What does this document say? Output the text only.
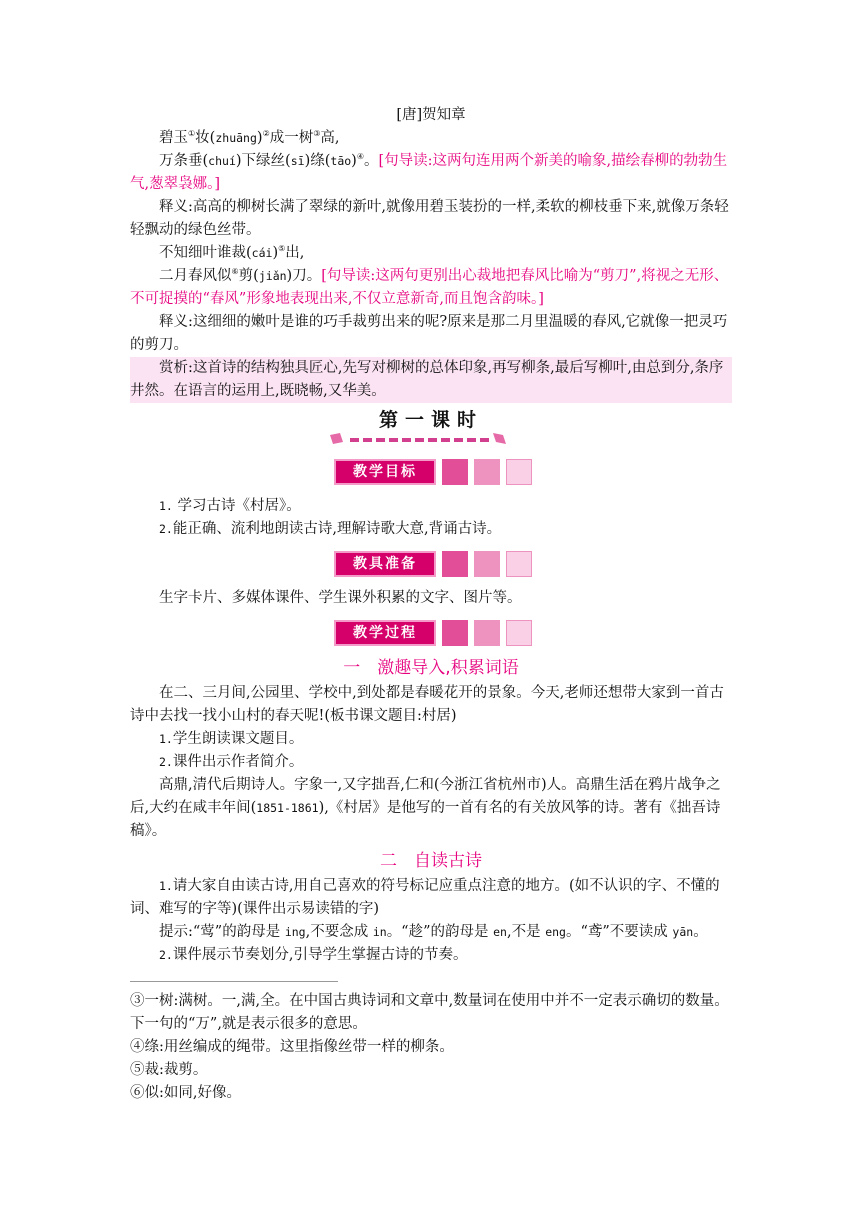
[唐]贺知章

碧玉①妆(zhuāng)②成一树③高,

万条垂(chuí)下绿丝(sī)绦(tāo)④。[句导读:这两句连用两个新美的喻象,描绘春柳的勃勃生气,葱翠袅娜。]

释义:高高的柳树长满了翠绿的新叶,就像用碧玉装扮的一样,柔软的柳枝垂下来,就像万条轻轻飘动的绿色丝带。

不知细叶谁裁(cái)⑤出,

二月春风似⑥剪(jiǎn)刀。[句导读:这两句更别出心裁地把春风比喻为“剪刀”,将视之无形、不可捉摸的“春风”形象地表现出来,不仅立意新奇,而且饱含韵味。]

释义:这细细的嫩叶是谁的巧手裁剪出来的呢?原来是那二月里温暖的春风,它就像一把灵巧的剪刀。

赏析:这首诗的结构独具匠心,先写对柳树的总体印象,再写柳条,最后写柳叶,由总到分,条序井然。在语言的运用上,既晓畅,又华美。

第一课时
教学目标

1. 学习古诗《村居》。

2.能正确、流利地朗读古诗,理解诗歌大意,背诵古诗。

教具准备

生字卡片、多媒体课件、学生课外积累的文字、图片等。

教学过程

一　激趣导入,积累词语

在二、三月间,公园里、学校中,到处都是春暖花开的景象。今天,老师还想带大家到一首古诗中去找一找小山村的春天呢!(板书课文题目:村居)

1.学生朗读课文题目。

2.课件出示作者简介。

高鼎,清代后期诗人。字象一,又字拙吾,仁和(今浙江省杭州市)人。高鼎生活在鸦片战争之后,大约在咸丰年间(1851-1861),《村居》是他写的一首有名的有关放风筝的诗。著有《拙吾诗稿》。

二　自读古诗

1.请大家自由读古诗,用自己喜欢的符号标记应重点注意的地方。(如不认识的字、不懂的词、难写的字等)(课件出示易读错的字)

提示:“莺”的韵母是 ing,不要念成 in。“趁”的韵母是 en,不是 eng。“鸢”不要读成 yān。

2.课件展示节奏划分,引导学生掌握古诗的节奏。

③一树:满树。一,满,全。在中国古典诗词和文章中,数量词在使用中并不一定表示确切的数量。下一句的“万”,就是表示很多的意思。

④绦:用丝编成的绳带。这里指像丝带一样的柳条。

⑤裁:裁剪。

⑥似:如同,好像。
